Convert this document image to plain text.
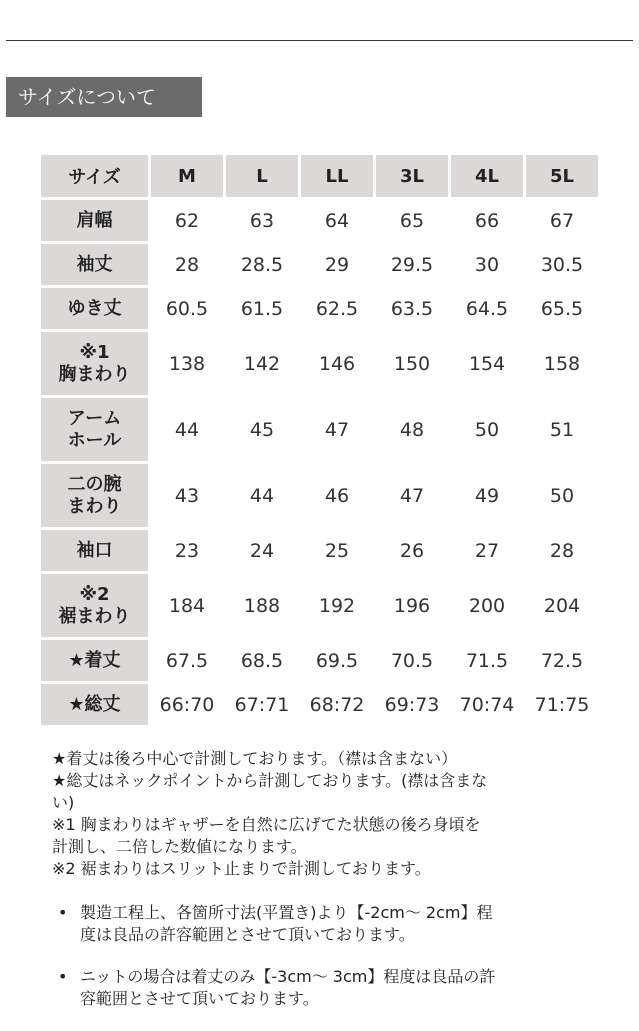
サイズについて
サイズ	M	L	LL	3L	4L	5L

肩幅	62	63	64	65	66	67

袖丈	28	28.5	29	29.5	30	30.5

ゆき丈	60.5	61.5	62.5	63.5	64.5	65.5

※1
胸まわり	138	142	146	150	154	158

アーム
ホール	44	45	47	48	50	51

二の腕
まわり	43	44	46	47	49	50

袖口	23	24	25	26	27	28

※2
裾まわり	184	188	192	196	200	204

★着丈	67.5	68.5	69.5	70.5	71.5	72.5

★総丈	66:70	67:71	68:72	69:73	70:74	71:75
★着丈は後ろ中心で計測しております。（襟は含まない）
★総丈はネックポイントから計測しております。(襟は含まな
い)
※1 胸まわりはギャザーを自然に広げてた状態の後ろ身頃を
計測し、二倍した数値になります。
※2 裾まわりはスリット止まりで計測しております。
• 製造工程上、各箇所寸法(平置き)より【-2cm～ 2cm】程
度は良品の許容範囲とさせて頂いております。
• ニットの場合は着丈のみ【-3cm～ 3cm】程度は良品の許
容範囲とさせて頂いております。
